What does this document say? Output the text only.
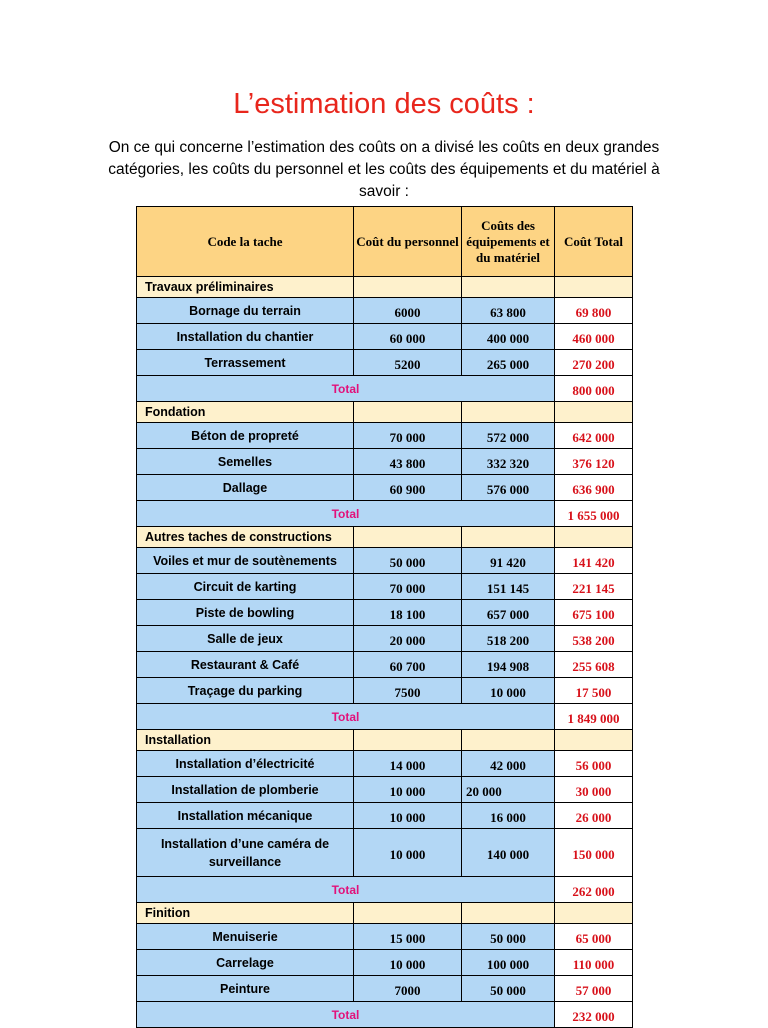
L’estimation des coûts :
On ce qui concerne l’estimation des coûts on a divisé les coûts en deux grandes catégories, les coûts du personnel et les coûts des équipements et du matériel à savoir :
Code la tache	Coût du personnel	Coûts des équipements et du matériel	Coût Total
Travaux préliminaires			
Bornage du terrain	6000	63 800	69 800
Installation du chantier	60 000	400 000	460 000
Terrassement	5200	265 000	270 200
Total			800 000
Fondation			
Béton de propreté	70 000	572 000	642 000
Semelles	43 800	332 320	376 120
Dallage	60 900	576 000	636 900
Total			1 655 000
Autres taches de constructions			
Voiles et mur de soutènements	50 000	91 420	141 420
Circuit de karting	70 000	151 145	221 145
Piste de bowling	18 100	657 000	675 100
Salle de jeux	20 000	518 200	538 200
Restaurant & Café	60 700	194 908	255 608
Traçage du parking	7500	10 000	17 500
Total			1 849 000
Installation			
Installation d’électricité	14 000	42 000	56 000
Installation de plomberie	10 000	20 000	30 000
Installation mécanique	10 000	16 000	26 000
Installation d’une caméra de surveillance	10 000	140 000	150 000
Total			262 000
Finition			
Menuiserie	15 000	50 000	65 000
Carrelage	10 000	100 000	110 000
Peinture	7000	50 000	57 000
Total			232 000
